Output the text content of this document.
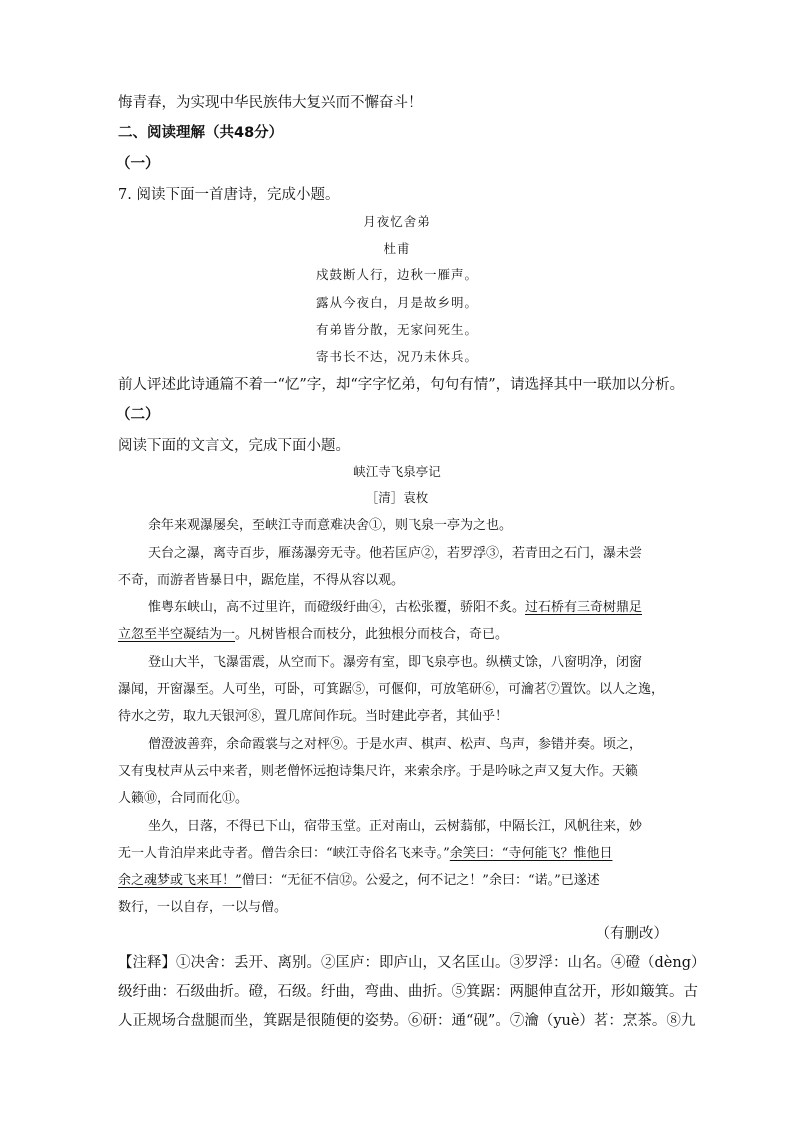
悔青春，为实现中华民族伟大复兴而不懈奋斗！
二、阅读理解（共48分）
（一）
7. 阅读下面一首唐诗，完成小题。
月夜忆舍弟
杜甫
戍鼓断人行，边秋一雁声。
露从今夜白，月是故乡明。
有弟皆分散，无家问死生。
寄书长不达，况乃未休兵。
前人评述此诗通篇不着一“忆”字，却“字字忆弟，句句有情”，请选择其中一联加以分析。
（二）
阅读下面的文言文，完成下面小题。
峡江寺飞泉亭记
［清］袁枚
余年来观瀑屡矣，至峡江寺而意难决舍①，则飞泉一亭为之也。
天台之瀑，离寺百步，雁荡瀑旁无寺。他若匡庐②，若罗浮③，若青田之石门，瀑未尝
不奇，而游者皆暴日中，踞危崖，不得从容以观。
惟粤东峡山，高不过里许，而磴级纡曲④，古松张覆，骄阳不炙。过石桥有三奇树鼎足
立忽至半空凝结为一。凡树皆根合而枝分，此独根分而枝合，奇已。
登山大半，飞瀑雷震，从空而下。瀑旁有室，即飞泉亭也。纵横丈馀，八窗明净，闭窗
瀑闻，开窗瀑至。人可坐，可卧，可箕踞⑤，可偃仰，可放笔研⑥，可瀹茗⑦置饮。以人之逸，
待水之劳，取九天银河⑧，置几席间作玩。当时建此亭者，其仙乎！
僧澄波善弈，余命霞裳与之对枰⑨。于是水声、棋声、松声、鸟声，参错并奏。顷之，
又有曳杖声从云中来者，则老僧怀远抱诗集尺许，来索余序。于是吟咏之声又复大作。天籁
人籁⑩，合同而化⑪。
坐久，日落，不得已下山，宿带玉堂。正对南山，云树蓊郁，中隔长江，风帆往来，妙
无一人肯泊岸来此寺者。僧告余曰：“峡江寺俗名飞来寺。”余笑曰：“寺何能飞？惟他日
余之魂梦或飞来耳！”僧曰：“无征不信⑫。公爱之，何不记之！”余曰：“诺。”已遂述
数行，一以自存，一以与僧。
（有删改）
【注释】①决舍：丢开、离别。②匡庐：即庐山，又名匡山。③罗浮：山名。④磴（dèng）
级纡曲：石级曲折。磴，石级。纡曲，弯曲、曲折。⑤箕踞：两腿伸直岔开，形如簸箕。古
人正规场合盘腿而坐，箕踞是很随便的姿势。⑥研：通“砚”。⑦瀹（yuè）茗：烹茶。⑧九
